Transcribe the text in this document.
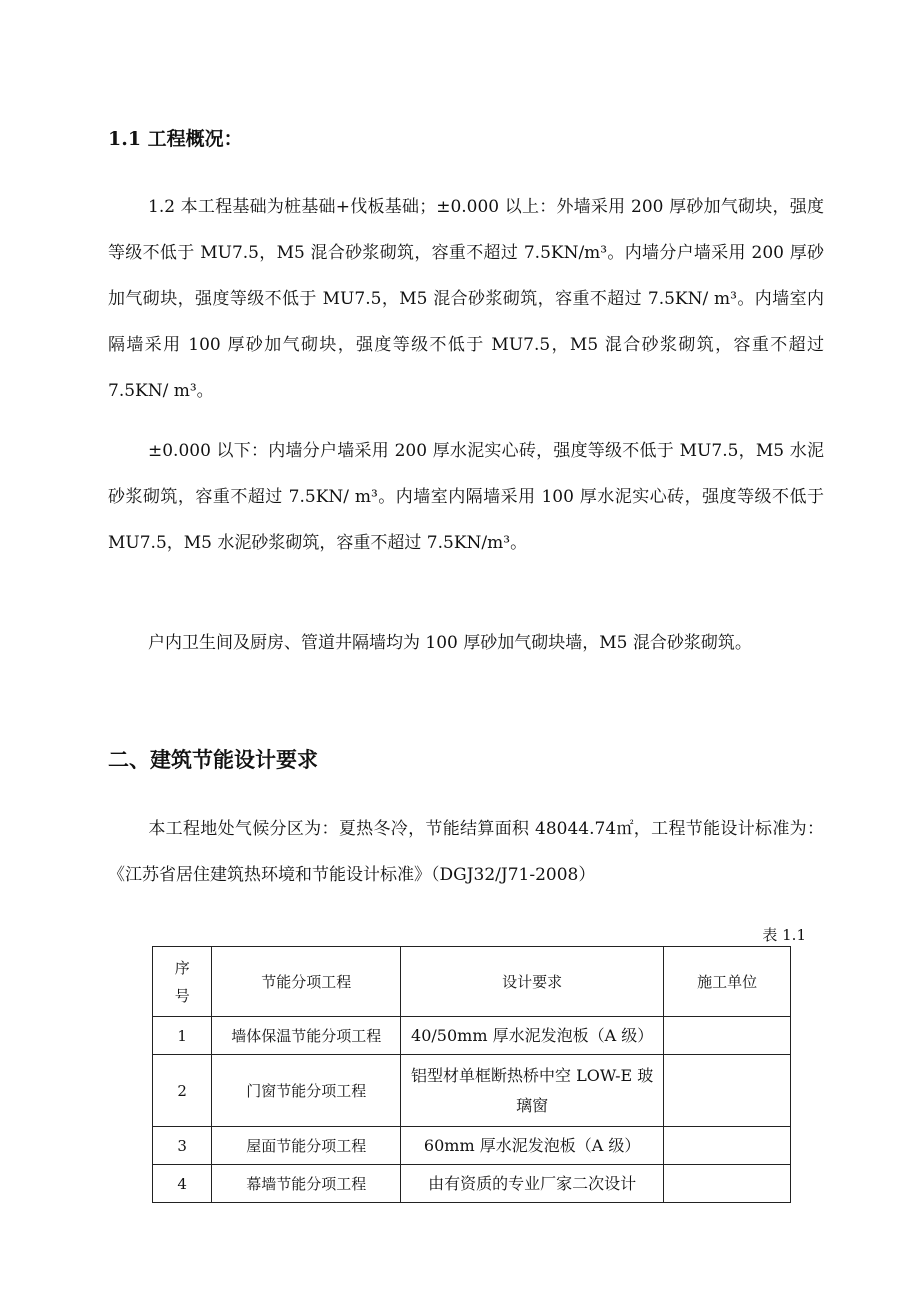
1.1 工程概况：

1.2 本工程基础为桩基础+伐板基础；±0.000 以上：外墙采用 200 厚砂加气砌块，强度等级不低于 MU7.5，M5 混合砂浆砌筑，容重不超过 7.5KN/m³。内墙分户墙采用 200 厚砂加气砌块，强度等级不低于 MU7.5，M5 混合砂浆砌筑，容重不超过 7.5KN/ m³。内墙室内隔墙采用 100 厚砂加气砌块，强度等级不低于 MU7.5，M5 混合砂浆砌筑，容重不超过 7.5KN/ m³。

±0.000 以下：内墙分户墙采用 200 厚水泥实心砖，强度等级不低于 MU7.5，M5 水泥砂浆砌筑，容重不超过 7.5KN/ m³。内墙室内隔墙采用 100 厚水泥实心砖，强度等级不低于 MU7.5，M5 水泥砂浆砌筑，容重不超过 7.5KN/m³。

户内卫生间及厨房、管道井隔墙均为 100 厚砂加气砌块墙，M5 混合砂浆砌筑。

二、建筑节能设计要求

本工程地处气候分区为：夏热冬冷，节能结算面积 48044.74㎡，工程节能设计标准为：《江苏省居住建筑热环境和节能设计标准》（DGJ32/J71-2008）

表 1.1
序
号	节能分项工程	设计要求	施工单位
1	墙体保温节能分项工程	40/50mm 厚水泥发泡板（A 级）	
2	门窗节能分项工程	铝型材单框断热桥中空 LOW-E 玻璃窗	
3	屋面节能分项工程	60mm 厚水泥发泡板（A 级）	
4	幕墙节能分项工程	由有资质的专业厂家二次设计	
